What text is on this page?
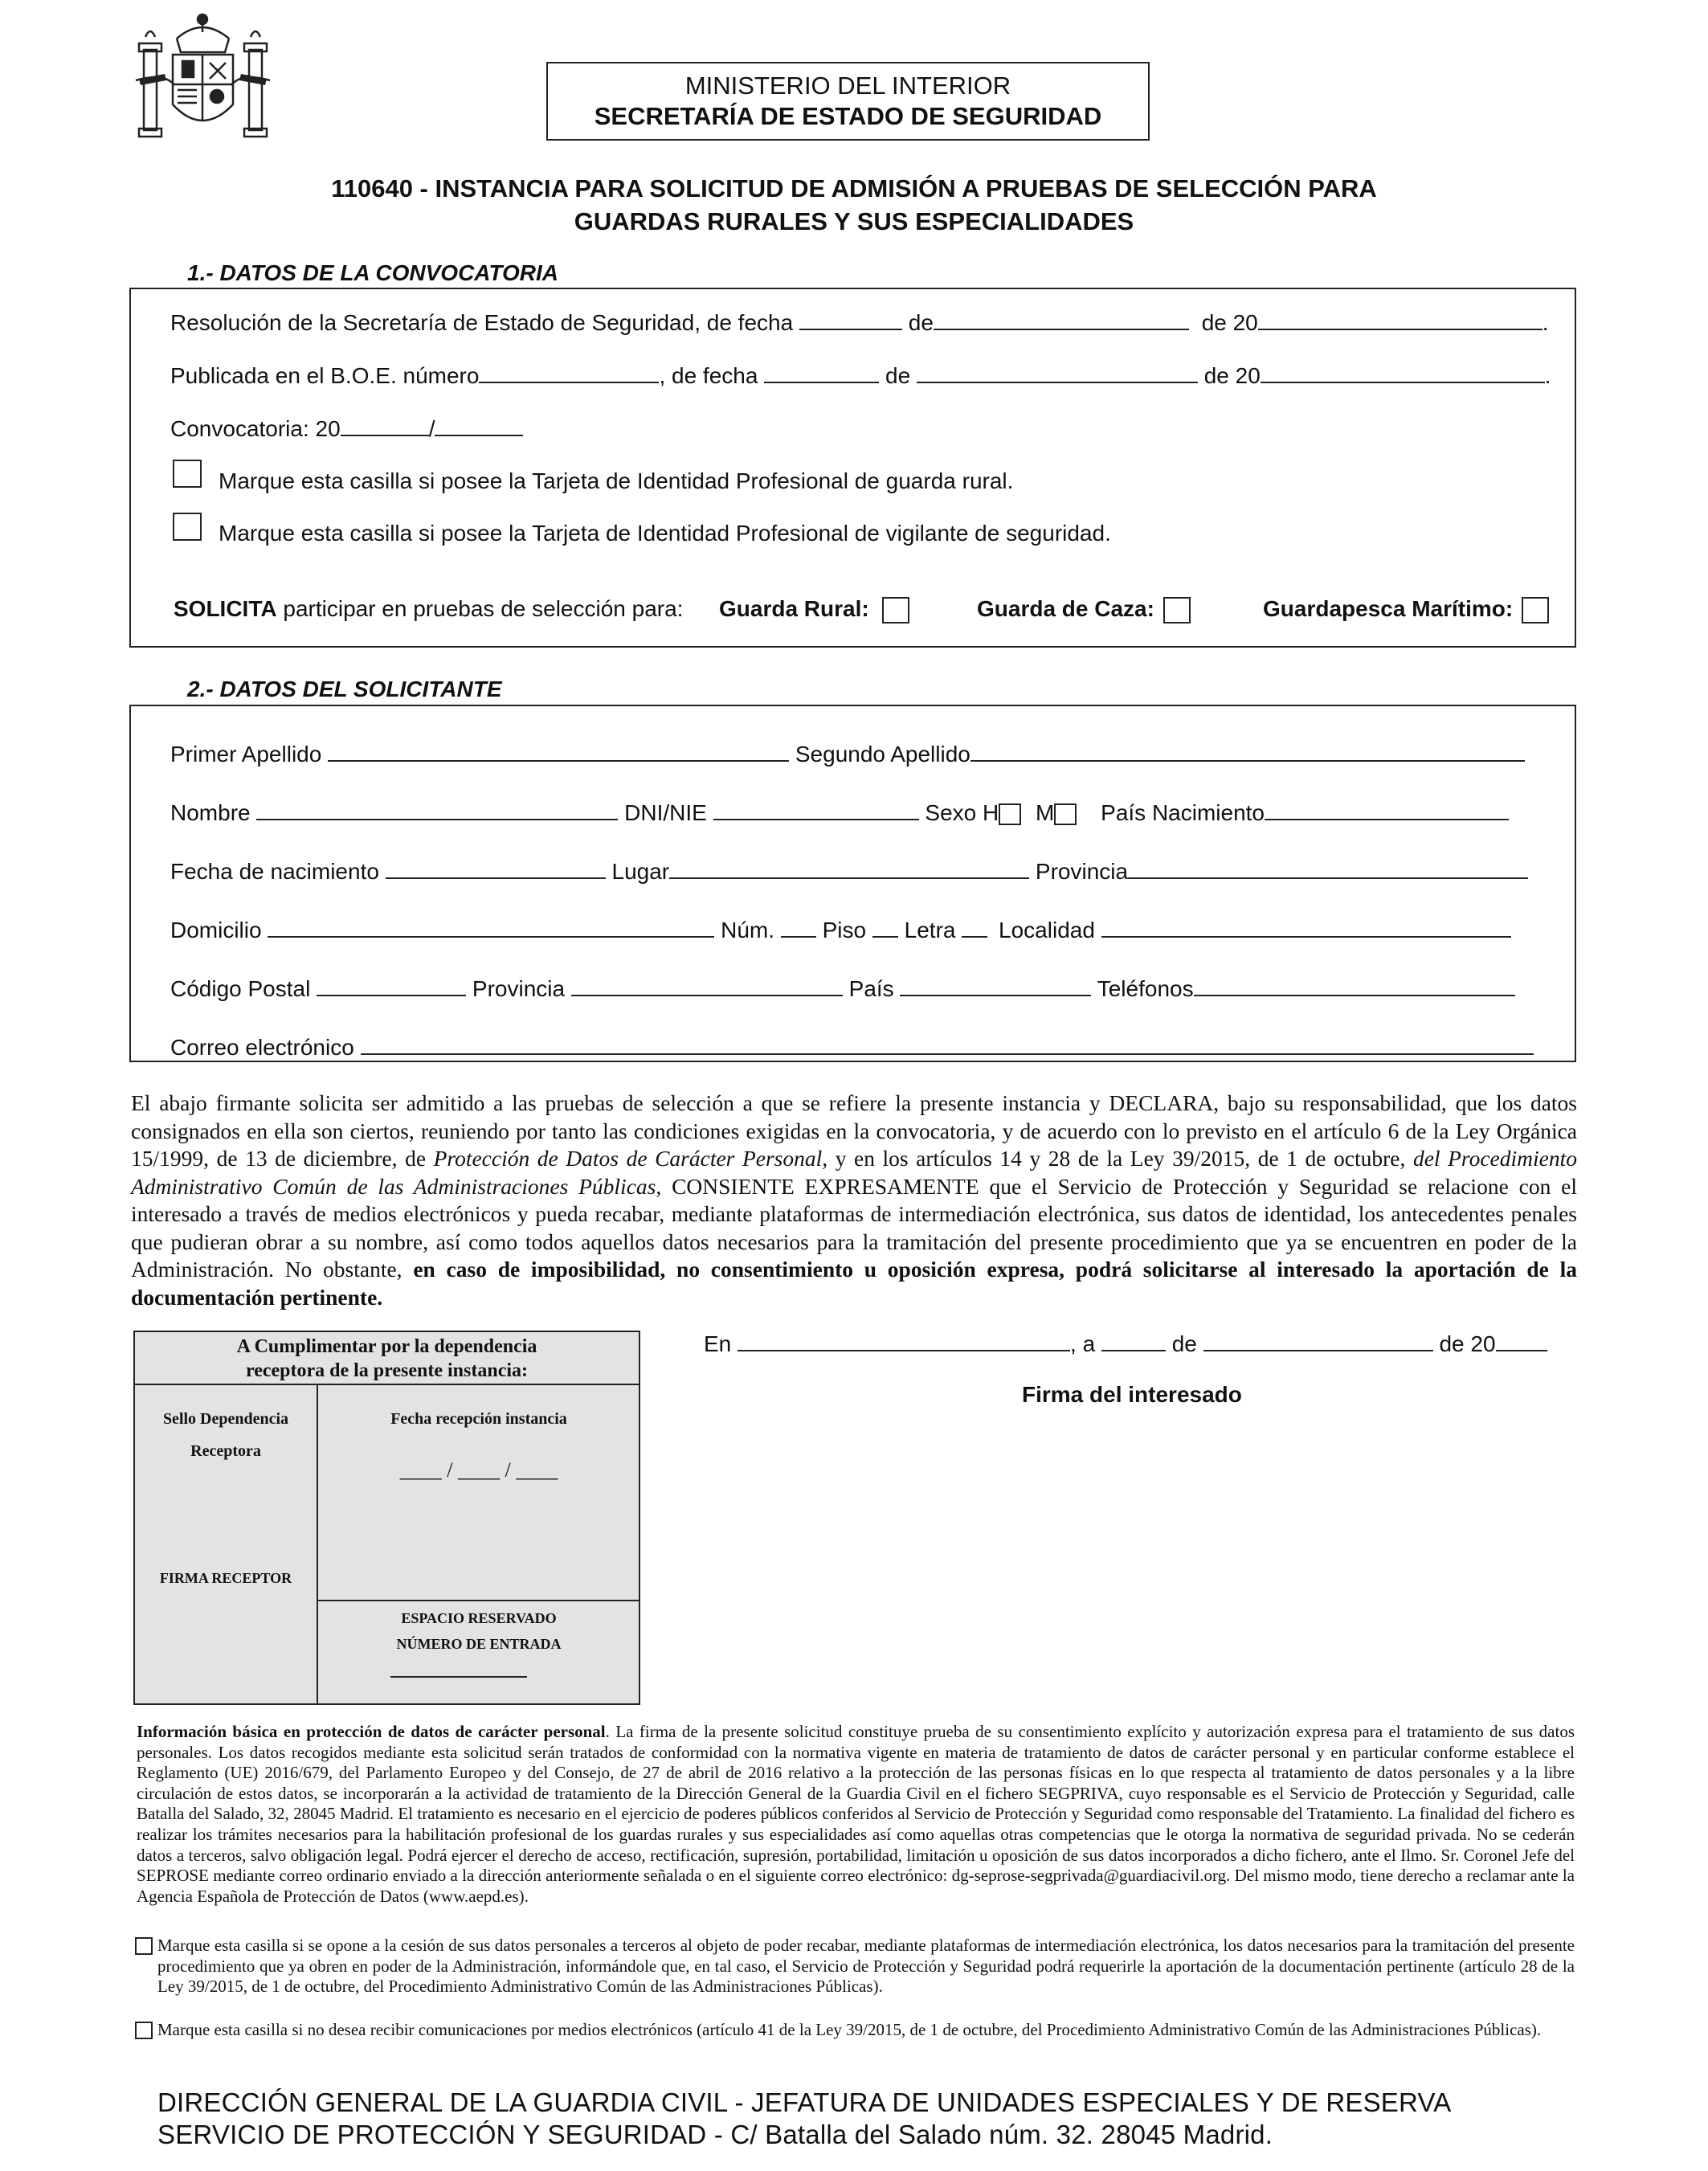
MINISTERIO DEL INTERIOR
SECRETARÍA DE ESTADO DE SEGURIDAD
110640 - INSTANCIA PARA SOLICITUD DE ADMISIÓN A PRUEBAS DE SELECCIÓN PARA
GUARDAS RURALES Y SUS ESPECIALIDADES
1.- DATOS DE LA CONVOCATORIA
Resolución de la Secretaría de Estado de Seguridad, de fecha	de	de 20	.
Publicada en el B.O.E. número	, de fecha	de	de 20	.
Convocatoria: 20	/
Marque esta casilla si posee la Tarjeta de Identidad Profesional de guarda rural.
Marque esta casilla si posee la Tarjeta de Identidad Profesional de vigilante de seguridad.
SOLICITA participar en pruebas de selección para: Guarda Rural:	Guarda de Caza:	Guardapesca Marítimo:
2.- DATOS DEL SOLICITANTE
Primer Apellido	Segundo Apellido
Nombre	DNI/NIE	Sexo H M País Nacimiento
Fecha de nacimiento	Lugar	Provincia
Domicilio	Núm. Piso Letra Localidad
Código Postal	Provincia	País	Teléfonos
Correo electrónico
El abajo firmante solicita ser admitido a las pruebas de selección a que se refiere la presente instancia y DECLARA, bajo su responsabilidad, que los datos consignados en ella son ciertos, reuniendo por tanto las condiciones exigidas en la convocatoria, y de acuerdo con lo previsto en el artículo 6 de la Ley Orgánica 15/1999, de 13 de diciembre, de Protección de Datos de Carácter Personal, y en los artículos 14 y 28 de la Ley 39/2015, de 1 de octubre, del Procedimiento Administrativo Común de las Administraciones Públicas, CONSIENTE EXPRESAMENTE que el Servicio de Protección y Seguridad se relacione con el interesado a través de medios electrónicos y pueda recabar, mediante plataformas de intermediación electrónica, sus datos de identidad, los antecedentes penales que pudieran obrar a su nombre, así como todos aquellos datos necesarios para la tramitación del presente procedimiento que ya se encuentren en poder de la Administración. No obstante, en caso de imposibilidad, no consentimiento u oposición expresa, podrá solicitarse al interesado la aportación de la documentación pertinente.
A Cumplimentar por la dependencia
receptora de la presente instancia:
Sello Dependencia
Receptora
Fecha recepción instancia
____ / ____ / ____
FIRMA RECEPTOR
ESPACIO RESERVADO
NÚMERO DE ENTRADA
En	, a	de	de 20
Firma del interesado
Información básica en protección de datos de carácter personal. La firma de la presente solicitud constituye prueba de su consentimiento explícito y autorización expresa para el tratamiento de sus datos personales. Los datos recogidos mediante esta solicitud serán tratados de conformidad con la normativa vigente en materia de tratamiento de datos de carácter personal y en particular conforme establece el Reglamento (UE) 2016/679, del Parlamento Europeo y del Consejo, de 27 de abril de 2016 relativo a la protección de las personas físicas en lo que respecta al tratamiento de datos personales y a la libre circulación de estos datos, se incorporarán a la actividad de tratamiento de la Dirección General de la Guardia Civil en el fichero SEGPRIVA, cuyo responsable es el Servicio de Protección y Seguridad, calle Batalla del Salado, 32, 28045 Madrid. El tratamiento es necesario en el ejercicio de poderes públicos conferidos al Servicio de Protección y Seguridad como responsable del Tratamiento. La finalidad del fichero es realizar los trámites necesarios para la habilitación profesional de los guardas rurales y sus especialidades así como aquellas otras competencias que le otorga la normativa de seguridad privada. No se cederán datos a terceros, salvo obligación legal. Podrá ejercer el derecho de acceso, rectificación, supresión, portabilidad, limitación u oposición de sus datos incorporados a dicho fichero, ante el Ilmo. Sr. Coronel Jefe del SEPROSE mediante correo ordinario enviado a la dirección anteriormente señalada o en el siguiente correo electrónico: dg-seprose-segprivada@guardiacivil.org. Del mismo modo, tiene derecho a reclamar ante la Agencia Española de Protección de Datos (www.aepd.es).
Marque esta casilla si se opone a la cesión de sus datos personales a terceros al objeto de poder recabar, mediante plataformas de intermediación electrónica, los datos necesarios para la tramitación del presente procedimiento que ya obren en poder de la Administración, informándole que, en tal caso, el Servicio de Protección y Seguridad podrá requerirle la aportación de la documentación pertinente (artículo 28 de la Ley 39/2015, de 1 de octubre, del Procedimiento Administrativo Común de las Administraciones Públicas).
Marque esta casilla si no desea recibir comunicaciones por medios electrónicos (artículo 41 de la Ley 39/2015, de 1 de octubre, del Procedimiento Administrativo Común de las Administraciones Públicas).
DIRECCIÓN GENERAL DE LA GUARDIA CIVIL - JEFATURA DE UNIDADES ESPECIALES Y DE RESERVA
SERVICIO DE PROTECCIÓN Y SEGURIDAD - C/ Batalla del Salado núm. 32. 28045 Madrid.
